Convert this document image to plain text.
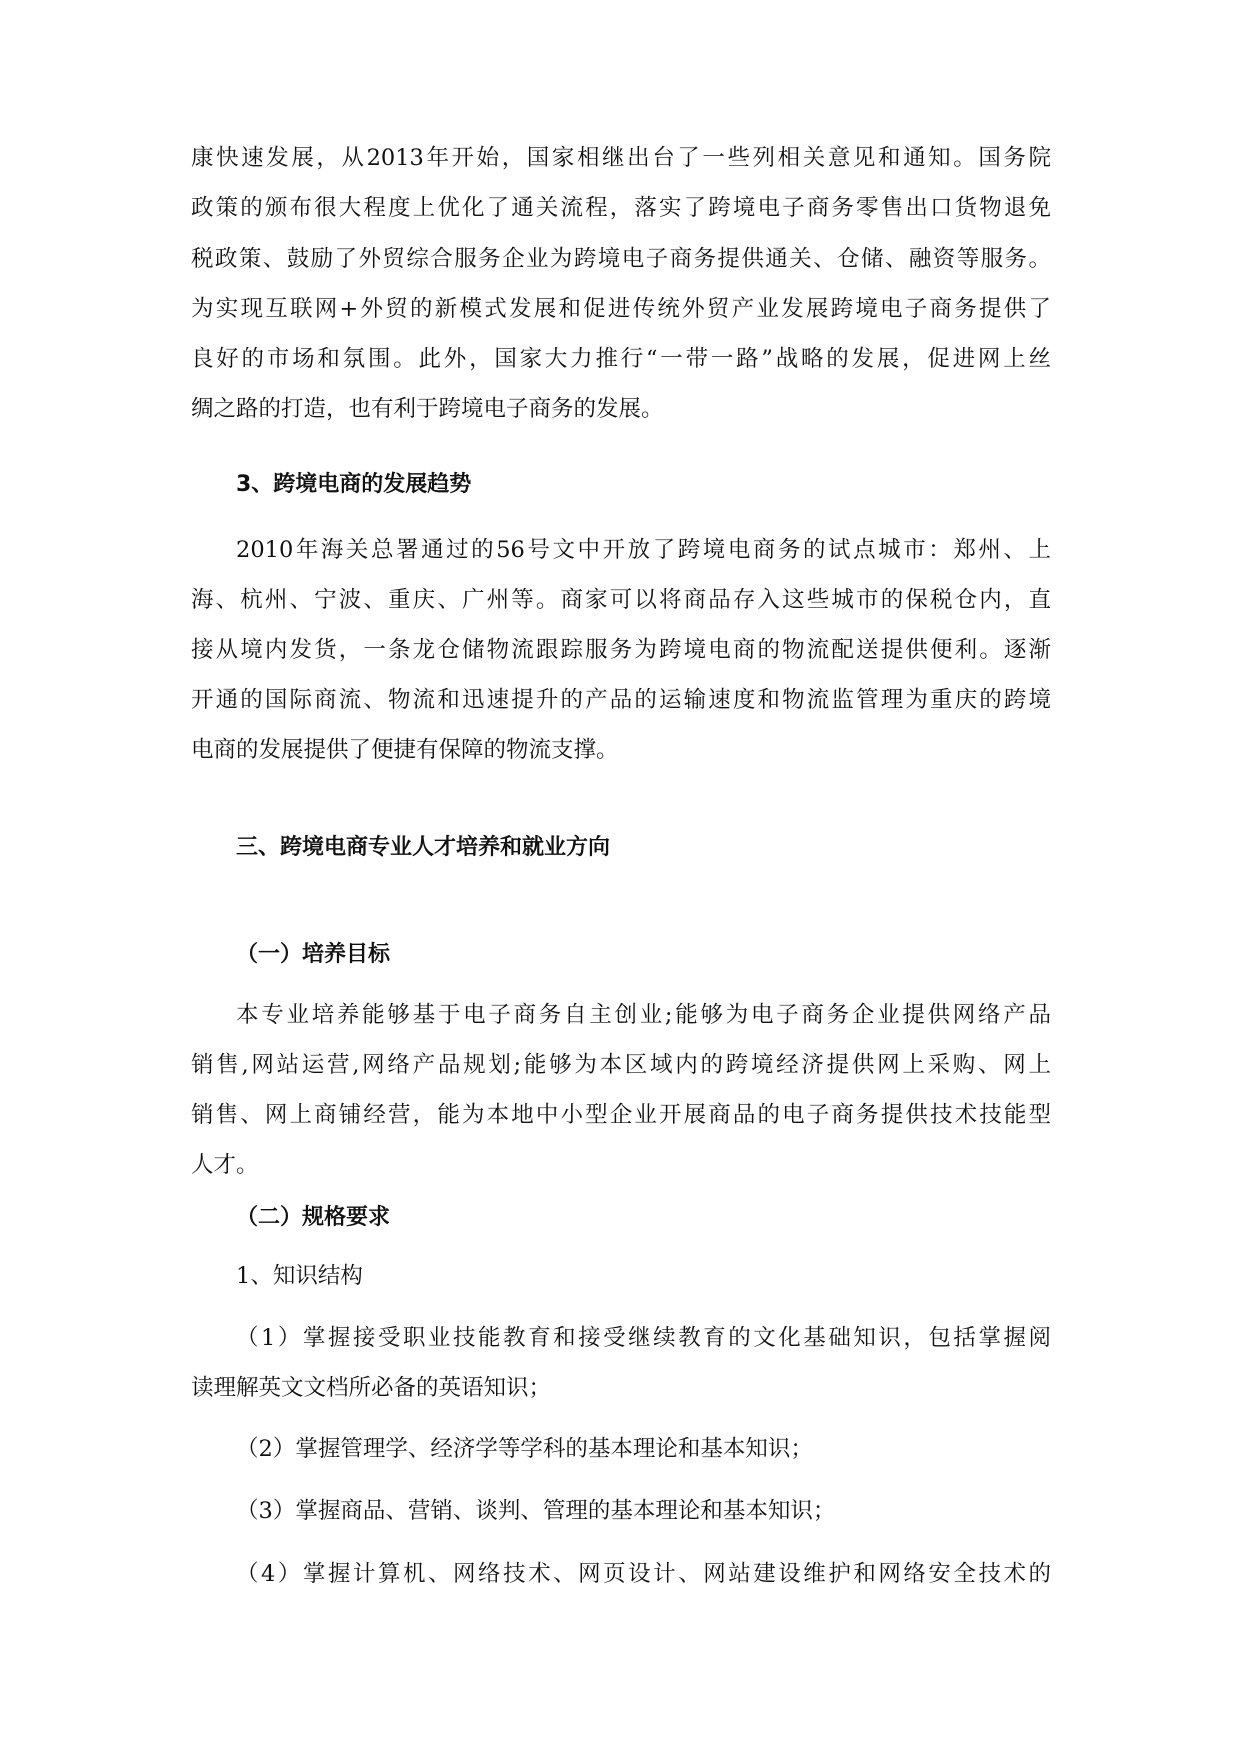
康快速发展，从2013年开始，国家相继出台了一些列相关意见和通知。国务院
政策的颁布很大程度上优化了通关流程，落实了跨境电子商务零售出口货物退免
税政策、鼓励了外贸综合服务企业为跨境电子商务提供通关、仓储、融资等服务。
为实现互联网+外贸的新模式发展和促进传统外贸产业发展跨境电子商务提供了
良好的市场和氛围。此外，国家大力推行“一带一路”战略的发展，促进网上丝
绸之路的打造，也有利于跨境电子商务的发展。
3、跨境电商的发展趋势
2010年海关总署通过的56号文中开放了跨境电商务的试点城市：郑州、上
海、杭州、宁波、重庆、广州等。商家可以将商品存入这些城市的保税仓内，直
接从境内发货，一条龙仓储物流跟踪服务为跨境电商的物流配送提供便利。逐渐
开通的国际商流、物流和迅速提升的产品的运输速度和物流监管理为重庆的跨境
电商的发展提供了便捷有保障的物流支撑。
三、跨境电商专业人才培养和就业方向
（一）培养目标
本专业培养能够基于电子商务自主创业;能够为电子商务企业提供网络产品
销售,网站运营,网络产品规划;能够为本区域内的跨境经济提供网上采购、网上
销售、网上商铺经营，能为本地中小型企业开展商品的电子商务提供技术技能型
人才。
（二）规格要求
1、知识结构
（1）掌握接受职业技能教育和接受继续教育的文化基础知识，包括掌握阅
读理解英文文档所必备的英语知识；
（2）掌握管理学、经济学等学科的基本理论和基本知识；
（3）掌握商品、营销、谈判、管理的基本理论和基本知识；
（4）掌握计算机、网络技术、网页设计、网站建设维护和网络安全技术的
